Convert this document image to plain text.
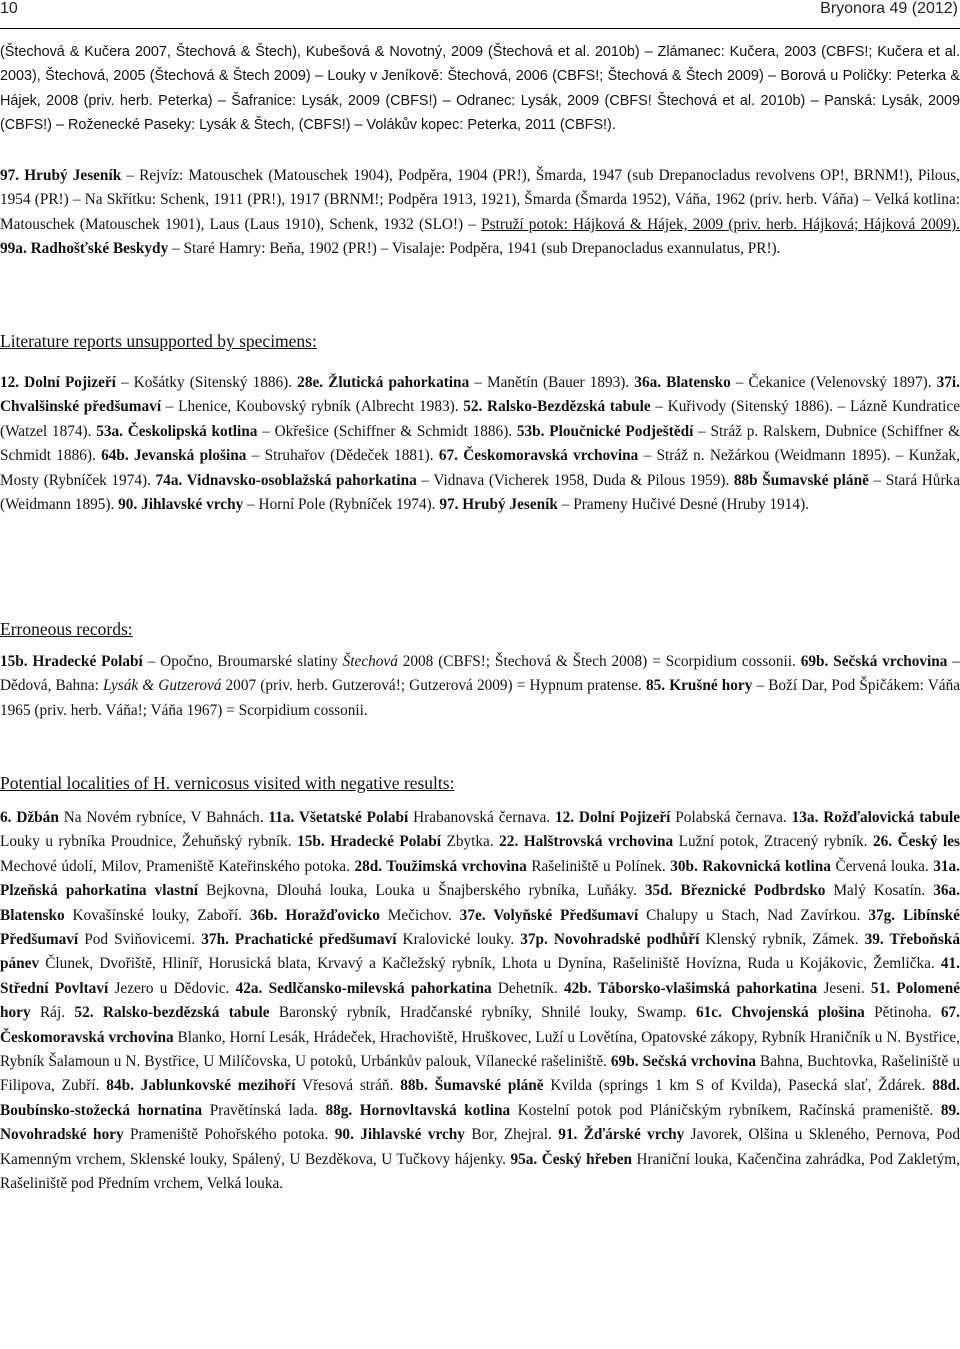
10	Bryonora 49 (2012)

(Štechová & Kučera 2007, Štechová & Štech), Kubešová & Novotný, 2009 (Štechová et al. 2010b) – Zlámanec: Kučera, 2003 (CBFS!; Kučera et al. 2003), Štechová, 2005 (Štechová & Štech 2009) – Louky v Jeníkově: Štechová, 2006 (CBFS!; Štechová & Štech 2009) – Borová u Poličky: Peterka & Hájek, 2008 (priv. herb. Peterka) – Šafranice: Lysák, 2009 (CBFS!) – Odranec: Lysák, 2009 (CBFS! Štechová et al. 2010b) – Panská: Lysák, 2009 (CBFS!) – Roženecké Paseky: Lysák & Štech, (CBFS!) – Volákův kopec: Peterka, 2011 (CBFS!).

97. Hrubý Jeseník – Rejvíz: Matouschek (Matouschek 1904), Podpěra, 1904 (PR!), Šmarda, 1947 (sub Drepanocladus revolvens OP!, BRNM!), Pilous, 1954 (PR!) – Na Skřítku: Schenk, 1911 (PR!), 1917 (BRNM!; Podpěra 1913, 1921), Šmarda (Šmarda 1952), Váňa, 1962 (priv. herb. Váňa) – Velká kotlina: Matouschek (Matouschek 1901), Laus (Laus 1910), Schenk, 1932 (SLO!) – Pstruží potok: Hájková & Hájek, 2009 (priv. herb. Hájková; Hájková 2009). 99a. Radhošťské Beskydy – Staré Hamry: Beňa, 1902 (PR!) – Visalaje: Podpěra, 1941 (sub Drepanocladus exannulatus, PR!).

Literature reports unsupported by specimens:

12. Dolní Pojizeří – Košátky (Sitenský 1886). 28e. Žlutická pahorkatina – Manětín (Bauer 1893). 36a. Blatensko – Čekanice (Velenovský 1897). 37i. Chvalšinské předšumaví – Lhenice, Koubovský rybník (Albrecht 1983). 52. Ralsko-Bezdězská tabule – Kuřivody (Sitenský 1886). – Lázně Kundratice (Watzel 1874). 53a. Českolipská kotlina – Okřešice (Schiffner & Schmidt 1886). 53b. Ploučnické Podještědí – Stráž p. Ralskem, Dubnice (Schiffner & Schmidt 1886). 64b. Jevanská plošina – Struhařov (Dědeček 1881). 67. Českomoravská vrchovina – Stráž n. Nežárkou (Weidmann 1895). – Kunžak, Mosty (Rybníček 1974). 74a. Vidnavsko-osoblažská pahorkatina – Vidnava (Vicherek 1958, Duda & Pilous 1959). 88b Šumavské pláně – Stará Hůrka (Weidmann 1895). 90. Jihlavské vrchy – Horní Pole (Rybníček 1974). 97. Hrubý Jeseník – Prameny Hučivé Desné (Hruby 1914).

Erroneous records:

15b. Hradecké Polabí – Opočno, Broumarské slatiny Štechová 2008 (CBFS!; Štechová & Štech 2008) = Scorpidium cossonii. 69b. Sečská vrchovina – Dědová, Bahna: Lysák & Gutzerová 2007 (priv. herb. Gutzerová!; Gutzerová 2009) = Hypnum pratense. 85. Krušné hory – Boží Dar, Pod Špičákem: Váňa 1965 (priv. herb. Váňa!; Váňa 1967) = Scorpidium cossonii.

Potential localities of H. vernicosus visited with negative results:

6. Džbán Na Novém rybníce, V Bahnách. 11a. Všetatské Polabí Hrabanovská černava. 12. Dolní Pojizeří Polabská černava. 13a. Rožďalovická tabule Louky u rybníka Proudnice, Žehuňský rybník. 15b. Hradecké Polabí Zbytka. 22. Halštrovská vrchovina Lužní potok, Ztracený rybník. 26. Český les Mechové údolí, Milov, Prameniště Kateřinského potoka. 28d. Toužimská vrchovina Rašeliniště u Polínek. 30b. Rakovnická kotlina Červená louka. 31a. Plzeňská pahorkatina vlastní Bejkovna, Dlouhá louka, Louka u Šnajberského rybníka, Luňáky. 35d. Březnické Podbrdsko Malý Kosatín. 36a. Blatensko Kovašínské louky, Zaboří. 36b. Horažďovicko Mečichov. 37e. Volyňské Předšumaví Chalupy u Stach, Nad Zavírkou. 37g. Libínské Předšumaví Pod Sviňovicemi. 37h. Prachatické předšumaví Kralovické louky. 37p. Novohradské podhůří Klenský rybník, Zámek. 39. Třeboňská pánev Člunek, Dvořiště, Hliníř, Horusická blata, Krvavý a Kačležský rybník, Lhota u Dynína, Rašeliniště Hovízna, Ruda u Kojákovic, Žemlička. 41. Střední Povltaví Jezero u Dědovic. 42a. Sedlčansko-milevská pahorkatina Dehetník. 42b. Táborsko-vlašimská pahorkatina Jeseni. 51. Polomené hory Ráj. 52. Ralsko-bezdězská tabule Baronský rybník, Hradčanské rybníky, Shnilé louky, Swamp. 61c. Chvojenská plošina Pětinoha. 67. Českomoravská vrchovina Blanko, Horní Lesák, Hrádeček, Hrachoviště, Hruškovec, Luží u Lovětína, Opatovské zákopy, Rybník Hraničník u N. Bystřice, Rybník Šalamoun u N. Bystřice, U Milíčovska, U potoků, Urbánkův palouk, Vílanecké rašeliniště. 69b. Sečská vrchovina Bahna, Buchtovka, Rašeliniště u Filipova, Zubří. 84b. Jablunkovské mezihoří Vřesová stráň. 88b. Šumavské pláně Kvilda (springs 1 km S of Kvilda), Pasecká slať, Ždárek. 88d. Boubínsko-stožecká hornatina Pravětínská lada. 88g. Hornovltavská kotlina Kostelní potok pod Pláničským rybníkem, Račínská prameniště. 89. Novohradské hory Prameniště Pohořského potoka. 90. Jihlavské vrchy Bor, Zhejral. 91. Žďárské vrchy Javorek, Olšina u Skleného, Pernova, Pod Kamenným vrchem, Sklenské louky, Spálený, U Bezděkova, U Tučkovy hájenky. 95a. Český hřeben Hraniční louka, Kačenčina zahrádka, Pod Zakletým, Rašeliniště pod Předním vrchem, Velká louka.
